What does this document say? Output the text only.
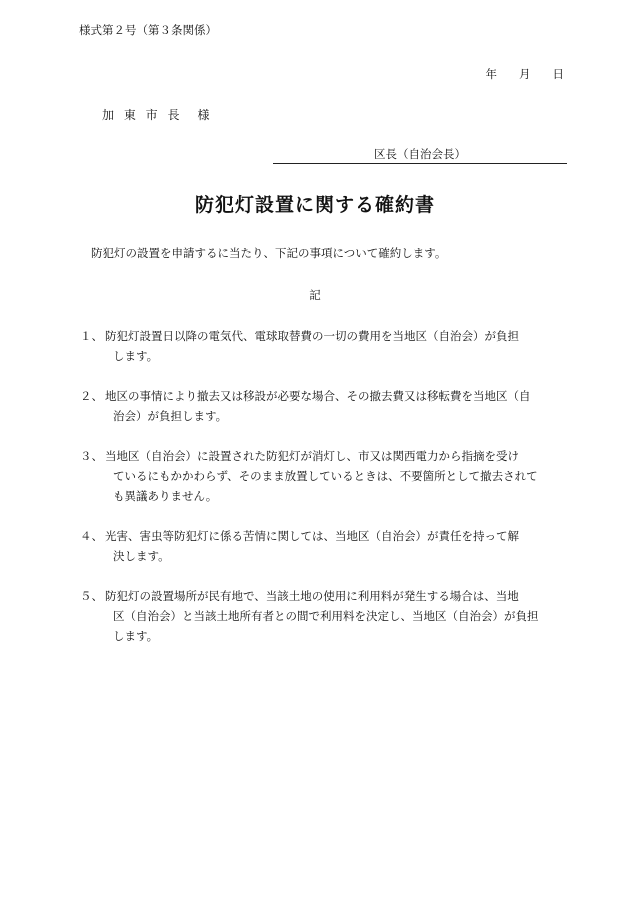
様式第２号（第３条関係）
年 月 日
加 東 市 長　様
区長（自治会長）
防犯灯設置に関する確約書
防犯灯の設置を申請するに当たり、下記の事項について確約します。
記
１、 防犯灯設置日以降の電気代、電球取替費の一切の費用を当地区（自治会）が負担
します。
２、 地区の事情により撤去又は移設が必要な場合、その撤去費又は移転費を当地区（自
治会）が負担します。
３、 当地区（自治会）に設置された防犯灯が消灯し、市又は関西電力から指摘を受け
ているにもかかわらず、そのまま放置しているときは、不要箇所として撤去されて
も異議ありません。
４、 光害、害虫等防犯灯に係る苦情に関しては、当地区（自治会）が責任を持って解
決します。
５、 防犯灯の設置場所が民有地で、当該土地の使用に利用料が発生する場合は、当地
区（自治会）と当該土地所有者との間で利用料を決定し、当地区（自治会）が負担
します。
